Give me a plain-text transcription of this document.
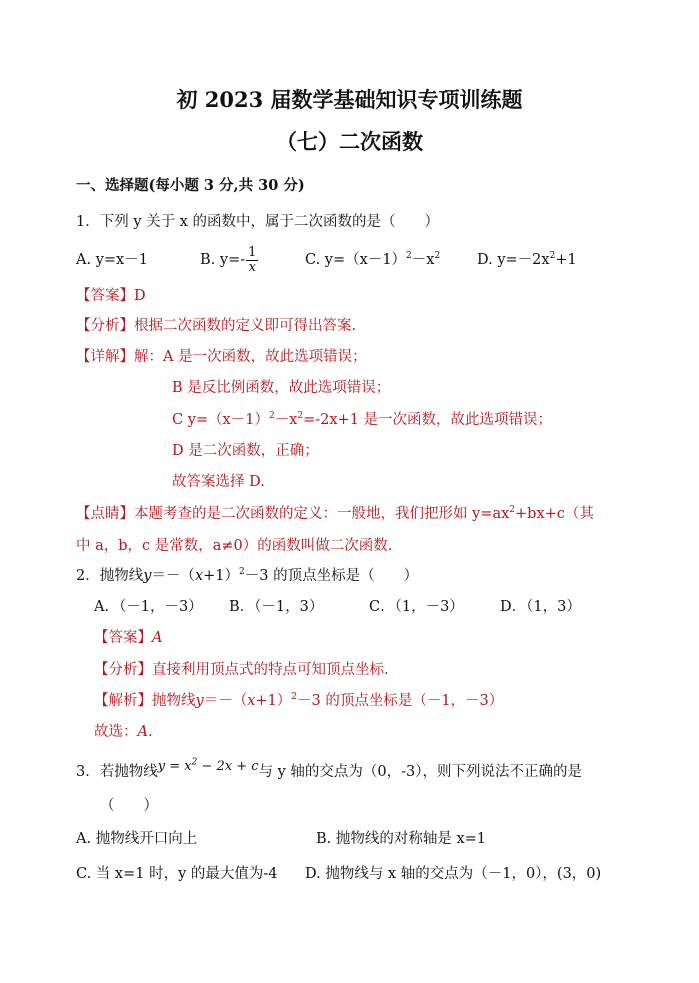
初 2023 届数学基础知识专项训练题
（七）二次函数
一、选择题(每小题 3 分,共 30 分)
1．下列 y 关于 x 的函数中，属于二次函数的是（　　）
A. y=x－1	B. $y=- \frac{1}{x}$	C. $y=(x-1)^2-x^2$	D. $y=-2x^2+1$
【答案】D
【分析】根据二次函数的定义即可得出答案.
【详解】解：A 是一次函数，故此选项错误；
B 是反比例函数，故此选项错误；
C $y=(x-1)^2-x^2=-2x+1$ 是一次函数，故此选项错误；
D 是二次函数，正确；
故答案选择 D.
【点睛】本题考查的是二次函数的定义：一般地，我们把形如 $y=ax^2+bx+c$（其
中 a，b，c 是常数，a≠0）的函数叫做二次函数.
2．抛物线$y=-(x+1)^2-3$ 的顶点坐标是（　　）
A．（－1，－3） B．（－1，3）	C．（1，－3） D．（1，3）
【答案】A
【分析】直接利用顶点式的特点可知顶点坐标.
【解析】抛物线$y=-(x+1)^2-3$ 的顶点坐标是（－1，－3）
故选：A.
3．若抛物线$y = x^2 - 2x + c$与 y 轴的交点为（0，-3），则下列说法不正确的是
（　　）
A. 抛物线开口向上	B. 抛物线的对称轴是 x=1
C. 当 x=1 时，y 的最大值为-4 D. 抛物线与 x 轴的交点为（－1，0），(3，0)
